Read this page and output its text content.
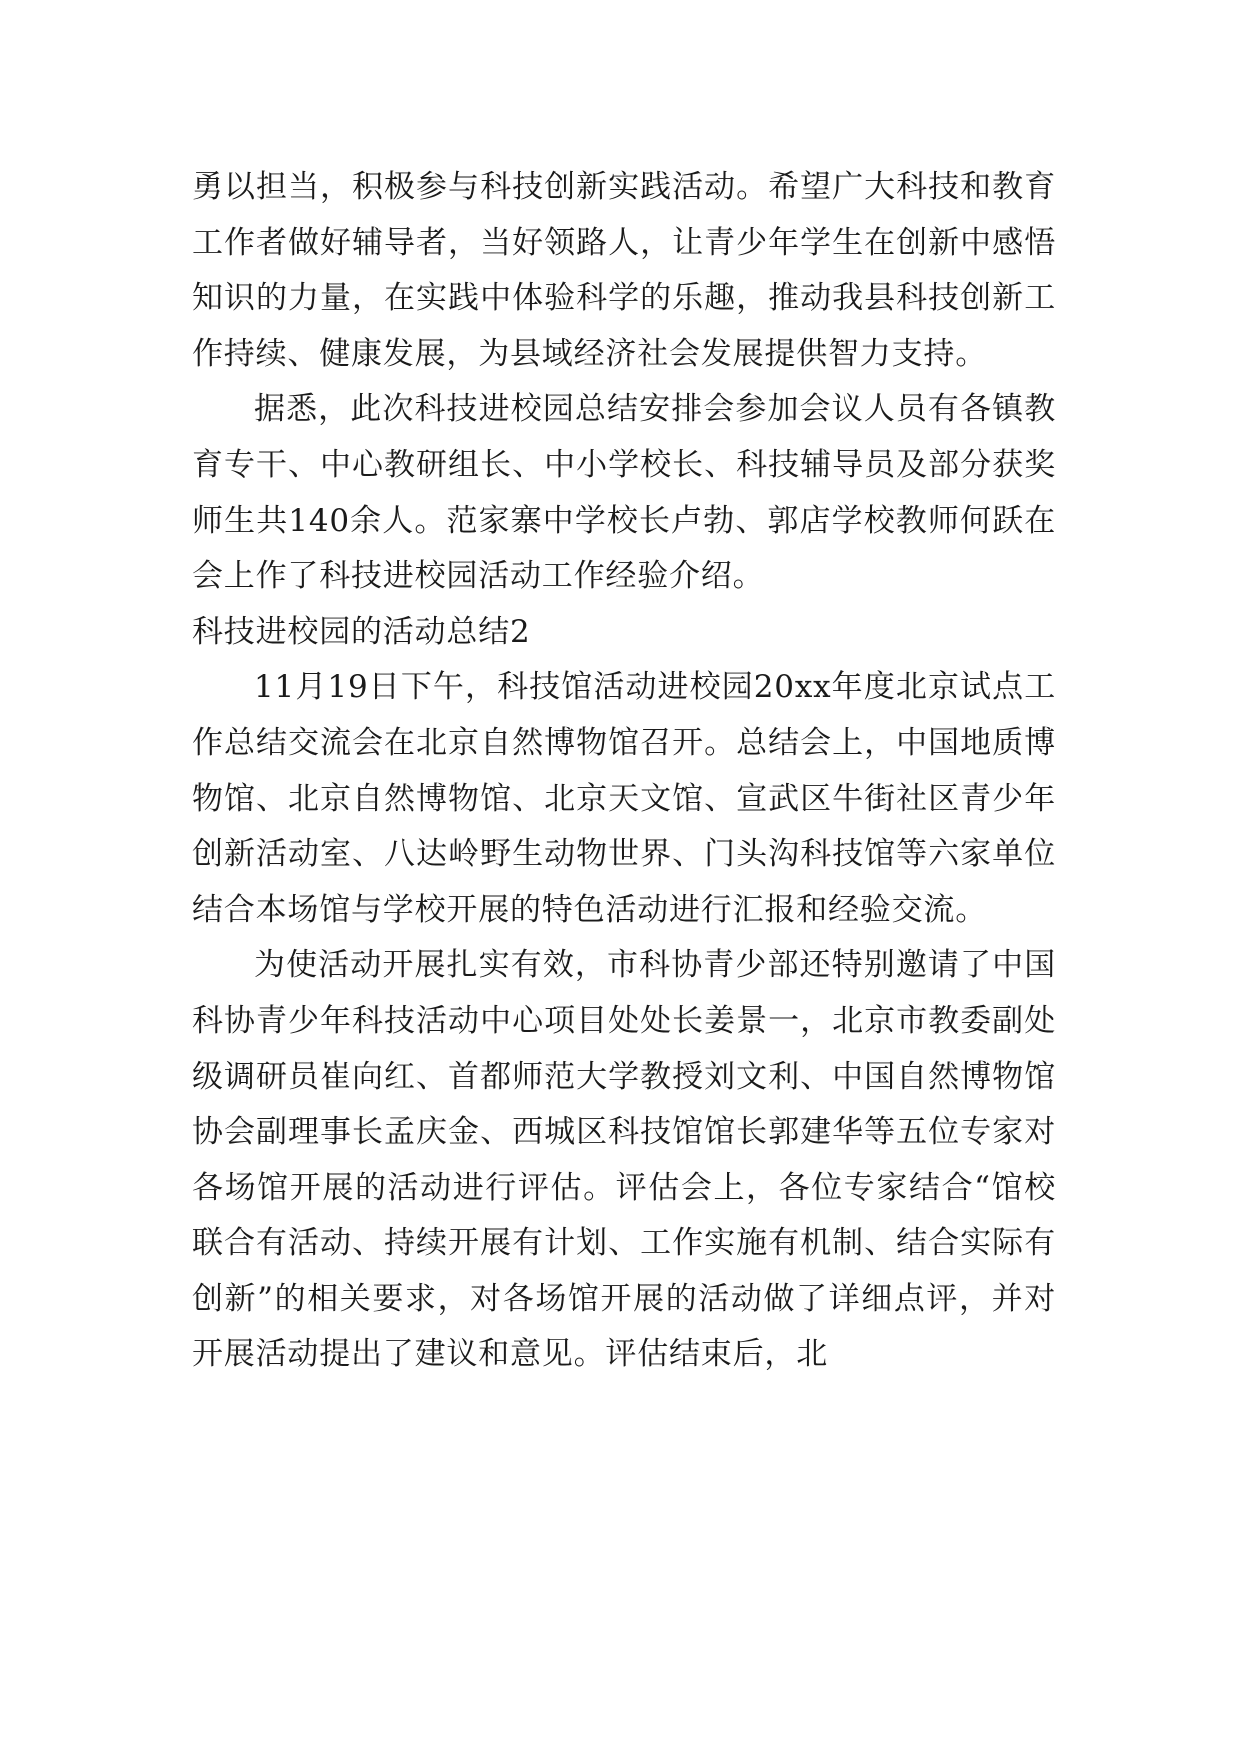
勇以担当，积极参与科技创新实践活动。希望广大科技和教育工作者做好辅导者，当好领路人，让青少年学生在创新中感悟知识的力量，在实践中体验科学的乐趣，推动我县科技创新工作持续、健康发展，为县域经济社会发展提供智力支持。

据悉，此次科技进校园总结安排会参加会议人员有各镇教育专干、中心教研组长、中小学校长、科技辅导员及部分获奖师生共140余人。范家寨中学校长卢勃、郭店学校教师何跃在会上作了科技进校园活动工作经验介绍。

科技进校园的活动总结2

11月19日下午，科技馆活动进校园20xx年度北京试点工作总结交流会在北京自然博物馆召开。总结会上，中国地质博物馆、北京自然博物馆、北京天文馆、宣武区牛街社区青少年创新活动室、八达岭野生动物世界、门头沟科技馆等六家单位结合本场馆与学校开展的特色活动进行汇报和经验交流。

为使活动开展扎实有效，市科协青少部还特别邀请了中国科协青少年科技活动中心项目处处长姜景一，北京市教委副处级调研员崔向红、首都师范大学教授刘文利、中国自然博物馆协会副理事长孟庆金、西城区科技馆馆长郭建华等五位专家对各场馆开展的活动进行评估。评估会上，各位专家结合“馆校联合有活动、持续开展有计划、工作实施有机制、结合实际有创新”的相关要求，对各场馆开展的活动做了详细点评，并对开展活动提出了建议和意见。评估结束后，北
